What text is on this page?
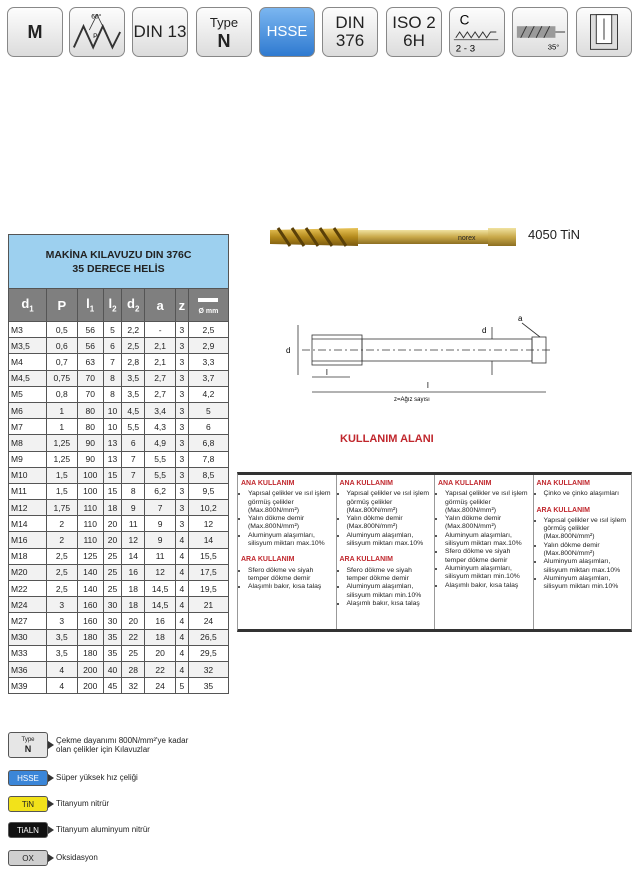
M
60°
P DIN 13 Type
N	HSSE	DIN
376
ISO 2
6H
C
2 - 3	35°
norex	4050 TiN
MAKİNA KILAVUZU DIN 376C
35 DERECE HELİS							

$d_1$	P	$l_1$	$l_2$	$d_2$	a	z	Ø mm

M3	0,5	56	5	2,2	-	3	2,5
M3,5	0,6	56	6	2,5	2,1	3	2,9
M4	0,7	63	7	2,8	2,1	3	3,3
M4,5	0,75	70	8	3,5	2,7	3	3,7
M5	0,8	70	8	3,5	2,7	3	4,2
M6	1	80	10	4,5	3,4	3	5
M7	1	80	10	5,5	4,3	3	6
M8	1,25	90	13	6	4,9	3	6,8
M9	1,25	90	13	7	5,5	3	7,8
M10	1,5	100	15	7	5,5	3	8,5
M11	1,5	100	15	8	6,2	3	9,5
M12	1,75	110	18	9	7	3	10,2
M14	2	110	20	11	9	3	12
M16	2	110	20	12	9	4	14
M18	2,5	125	25	14	11	4	15,5
M20	2,5	140	25	16	12	4	17,5
M22	2,5	140	25	18	14,5	4	19,5
M24	3	160	30	18	14,5	4	21
M27	3	160	30	20	16	4	24
M30	3,5	180	35	22	18	4	26,5
M33	3,5	180	35	25	20	4	29,5
M36	4	200	40	28	22	4	32
M39	4	200	45	32	24	5	35
d
d
a
l
l
z=Ağız sayısı
KULLANIM ALANI
ANA KULLANIM
• Yapısal çelikler ve ısıl işlem görmüş çelikler (Max.800N/mm²)
• Yalın dökme demir (Max.800N/mm²)
• Aluminyum alaşımları, silisyum miktarı max.10%
ARA KULLANIM
• Sfero dökme ve siyah temper dökme demir
• Alaşımlı bakır, kısa talaş
ANA KULLANIM
• Yapısal çelikler ve ısıl işlem görmüş çelikler (Max.800N/mm²)
• Yalın dökme demir (Max.800N/mm²)
• Aluminyum alaşımları, silisyum miktarı max.10%
ARA KULLANIM
• Sfero dökme ve siyah temper dökme demir
• Aluminyum alaşımları, silisyum miktarı min.10%
• Alaşımlı bakır, kısa talaş
ANA KULLANIM
• Yapısal çelikler ve ısıl işlem görmüş çelikler (Max.800N/mm²)
• Yalın dökme demir (Max.800N/mm²)
• Aluminyum alaşımları, silisyum miktarı max.10%
• Sfero dökme ve siyah temper dökme demir
• Aluminyum alaşımları, silisyum miktarı min.10%
• Alaşımlı bakır, kısa talaş
ANA KULLANIM
• Çinko ve çinko alaşımları
ARA KULLANIM
• Yapısal çelikler ve ısıl işlem görmüş çelikler (Max.800N/mm²)
• Yalın dökme demir (Max.800N/mm²)
• Aluminyum alaşımları, silisyum miktarı max.10%
• Aluminyum alaşımları, silisyum miktarı min.10%
Type
N
Çekme dayanımı 800N/mm²'ye kadar olan çelikler için Kılavuzlar
HSSE Süper yüksek hız çeliği
TiN	Titanyum nitrür
TiALN Titanyum aluminyum nitrür
OX	Oksidasyon
